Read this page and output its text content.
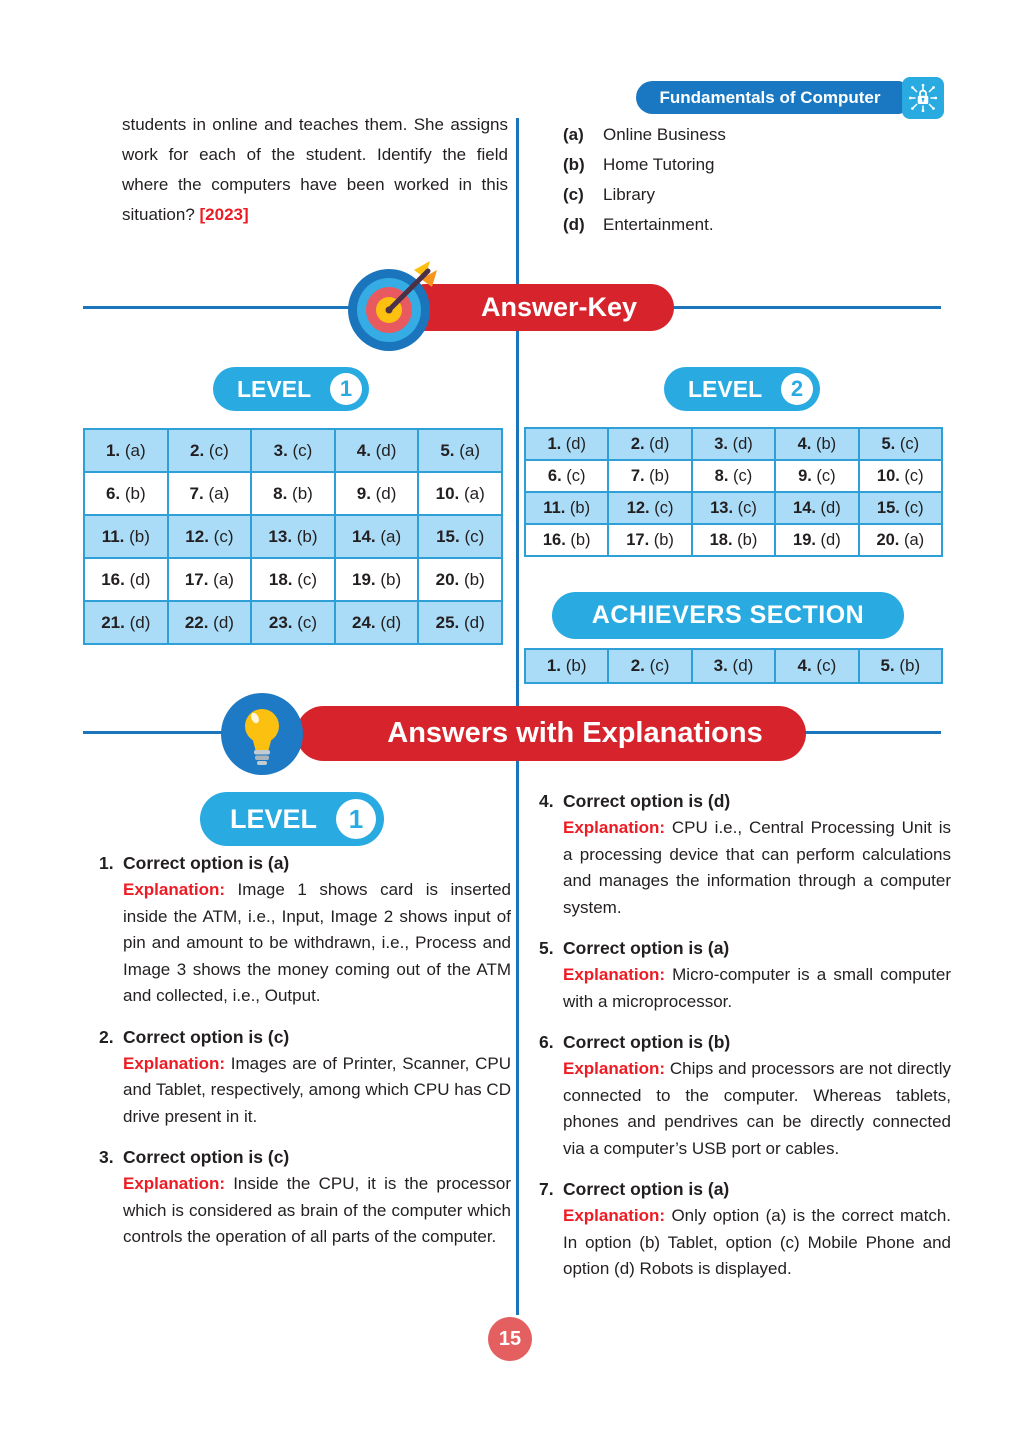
Fundamentals of Computer

students in online and teaches them. She assigns work for each of the student. Identify the field where the computers have been worked in this situation? [2023]

(a)	Online Business
(b)	Home Tutoring
(c)	Library
(d)	Entertainment.
Answer-Key
LEVEL	1	LEVEL	2
1. (a)	2. (c)	3. (c)	4. (d)	5. (a)
6. (b)	7. (a)	8. (b)	9. (d)	10. (a)
11. (b)	12. (c)	13. (b)	14. (a)	15. (c)
16. (d)	17. (a)	18. (c)	19. (b)	20. (b)
21. (d)	22. (d)	23. (c)	24. (d)	25. (d)
1. (d)	2. (d)	3. (d)	4. (b)	5. (c)
6. (c)	7. (b)	8. (c)	9. (c)	10. (c)
11. (b)	12. (c)	13. (c)	14. (d)	15. (c)
16. (b)	17. (b)	18. (b)	19. (d)	20. (a)
ACHIEVERS SECTION
1. (b)	2. (c)	3. (d)	4. (c)	5. (b)
Answers with Explanations
LEVEL	1
1. Correct option is (a)

Explanation: Image 1 shows card is inserted inside the ATM, i.e., Input, Image 2 shows input of pin and amount to be withdrawn, i.e., Process and Image 3 shows the money coming out of the ATM and collected, i.e., Output.

2. Correct option is (c)

Explanation: Images are of Printer, Scanner, CPU and Tablet, respectively, among which CPU has CD drive present in it.

3. Correct option is (c)

Explanation: Inside the CPU, it is the processor which is considered as brain of the computer which controls the operation of all parts of the computer.

4. Correct option is (d)

Explanation: CPU i.e., Central Processing Unit is a processing device that can perform calculations and manages the information through a computer system.

5. Correct option is (a)

Explanation: Micro-computer is a small computer with a microprocessor.

6. Correct option is (b)

Explanation: Chips and processors are not directly connected to the computer. Whereas tablets, phones and pendrives can be directly connected via a computer’s USB port or cables.

7. Correct option is (a)

Explanation: Only option (a) is the correct match. In option (b) Tablet, option (c) Mobile Phone and option (d) Robots is displayed.

15
